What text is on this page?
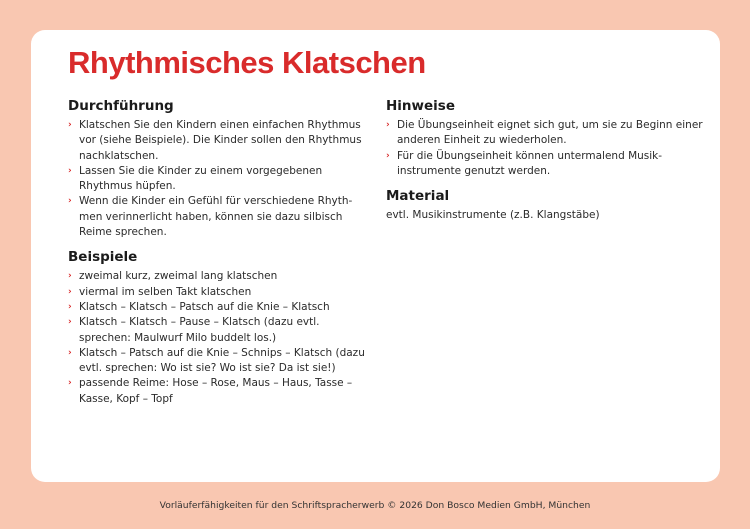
Rhythmisches Klatschen
Durchführung
› Klatschen Sie den Kindern einen einfachen Rhythmus vor (siehe Beispiele). Die Kinder sollen den Rhythmus nachklatschen.
› Lassen Sie die Kinder zu einem vorgegebenen Rhythmus hüpfen.
› Wenn die Kinder ein Gefühl für verschiedene Rhythmen verinnerlicht haben, können sie dazu silbisch Reime sprechen.
Beispiele
› zweimal kurz, zweimal lang klatschen
› viermal im selben Takt klatschen
› Klatsch – Klatsch – Patsch auf die Knie – Klatsch
› Klatsch – Klatsch – Pause – Klatsch (dazu evtl. sprechen: Maulwurf Milo buddelt los.)
› Klatsch – Patsch auf die Knie – Schnips – Klatsch (dazu evtl. sprechen: Wo ist sie? Wo ist sie? Da ist sie!)
› passende Reime: Hose – Rose, Maus – Haus, Tasse – Kasse, Kopf – Topf
Hinweise
› Die Übungseinheit eignet sich gut, um sie zu Beginn einer anderen Einheit zu wiederholen.
› Für die Übungseinheit können untermalend Musikinstrumente genutzt werden.
Material

evtl. Musikinstrumente (z.B. Klangstäbe)

Vorläuferfähigkeiten für den Schriftspracherwerb © 2026 Don Bosco Medien GmbH, München
